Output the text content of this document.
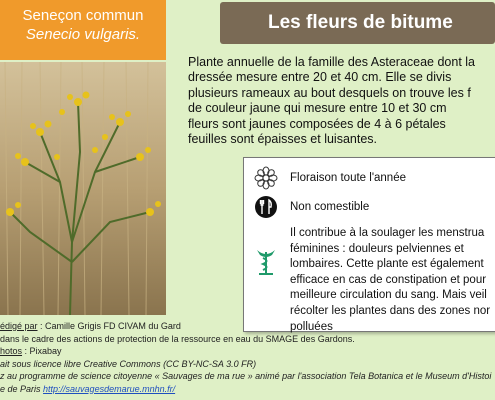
Seneçon commun
Senecio vulgaris.
Les fleurs de bitume
Plante annuelle de la famille des Asteraceae dont la
dressée mesure entre 20 et 40 cm. Elle se divis
plusieurs rameaux au bout desquels on trouve les f
de couleur jaune qui mesure entre 10 et 30 cm
fleurs sont jaunes composées de 4 à 6 pétales
feuilles sont épaisses et luisantes.
Floraison toute l'année
Non comestible
Il contribue à la soulager les menstrua
féminines : douleurs pelviennes et
lombaires. Cette plante est également
efficace en cas de constipation et pour
meilleure circulation du sang. Mais veil
récolter les plantes dans des zones nor
polluées
édigé par : Camille Grigis FD CIVAM du Gard
dans le cadre des actions de protection de la ressource en eau du SMAGE des Gardons.
hotos : Pixabay
ait sous licence libre Creative Commons (CC BY-NC-SA 3.0 FR)
z au programme de science citoyenne « Sauvages de ma rue » animé par l'association Tela Botanica et le Museum d'Histoi
e de Paris http://sauvagesdemarue.mnhn.fr/
